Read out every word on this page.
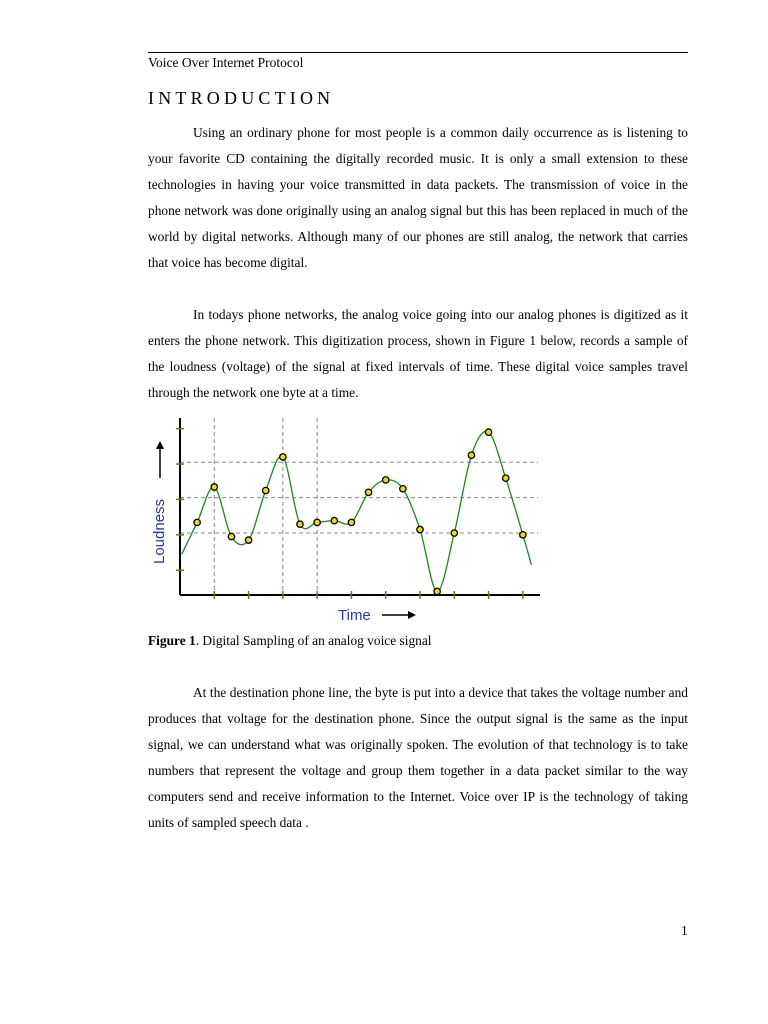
Voice Over Internet Protocol
INTRODUCTION

Using an ordinary phone for most people is a common daily occurrence as is listening to your favorite CD containing the digitally recorded music. It is only a small extension to these technologies in having your voice transmitted in data packets. The transmission of voice in the phone network was done originally using an analog signal but this has been replaced in much of the world by digital networks. Although many of our phones are still analog, the network that carries that voice has become digital.

In todays phone networks, the analog voice going into our analog phones is digitized as it enters the phone network. This digitization process, shown in Figure 1 below, records a sample of the loudness (voltage) of the signal at fixed intervals of time. These digital voice samples travel through the network one byte at a time.

Loudness
Time
Figure 1. Digital Sampling of an analog voice signal

At the destination phone line, the byte is put into a device that takes the voltage number and produces that voltage for the destination phone. Since the output signal is the same as the input signal, we can understand what was originally spoken. The evolution of that technology is to take numbers that represent the voltage and group them together in a data packet similar to the way computers send and receive information to the Internet. Voice over IP is the technology of taking units of sampled speech data .

1
